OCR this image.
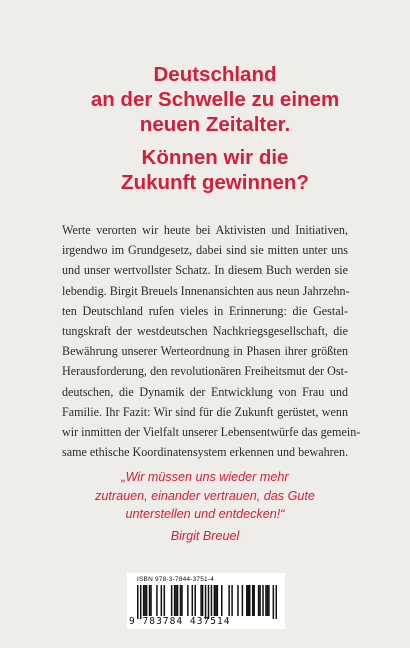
Deutschland
an der Schwelle zu einem
neuen Zeitalter.
Können wir die
Zukunft gewinnen?
Werte verorten wir heute bei Aktivisten und Initiativen,
irgendwo im Grundgesetz, dabei sind sie mitten unter uns
und unser wertvollster Schatz. In diesem Buch werden sie
lebendig. Birgit Breuels Innenansichten aus neun Jahrzehn-
ten Deutschland rufen vieles in Erinnerung: die Gestal-
tungskraft der westdeutschen Nachkriegsgesellschaft, die
Bewährung unserer Werteordnung in Phasen ihrer größten
Herausforderung, den revolutionären Freiheitsmut der Ost-
deutschen, die Dynamik der Entwicklung von Frau und
Familie. Ihr Fazit: Wir sind für die Zukunft gerüstet, wenn
wir inmitten der Vielfalt unserer Lebensentwürfe das gemein-
same ethische Koordinatensystem erkennen und bewahren.

„Wir müssen uns wieder mehr
zutrauen, einander vertrauen, das Gute
unterstellen und entdecken!“

Birgit Breuel

ISBN 978-3-7844-3751-4
9 783784 437514
